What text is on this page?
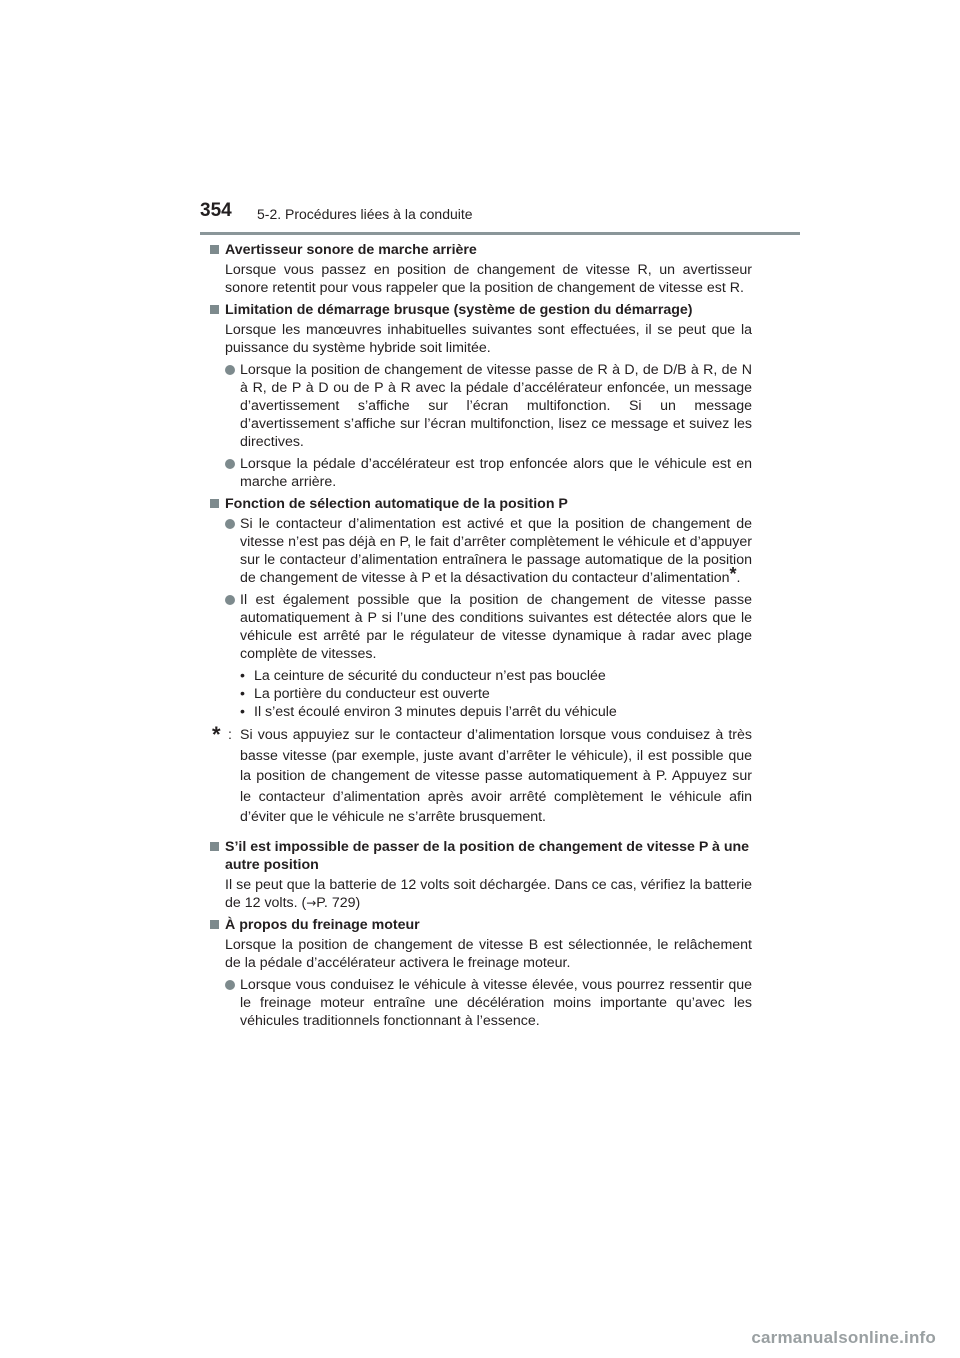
354 5-2. Procédures liées à la conduite
Avertisseur sonore de marche arrière
Lorsque vous passez en position de changement de vitesse R, un avertisseur sonore retentit pour vous rappeler que la position de changement de vitesse est R.
Limitation de démarrage brusque (système de gestion du démarrage)
Lorsque les manœuvres inhabituelles suivantes sont effectuées, il se peut que la puissance du système hybride soit limitée.
Lorsque la position de changement de vitesse passe de R à D, de D/B à R, de N à R, de P à D ou de P à R avec la pédale d’accélérateur enfoncée, un message d’avertissement s’affiche sur l’écran multifonction. Si un message d’avertissement s’affiche sur l’écran multifonction, lisez ce message et suivez les directives.
Lorsque la pédale d’accélérateur est trop enfoncée alors que le véhicule est en marche arrière.
Fonction de sélection automatique de la position P
Si le contacteur d’alimentation est activé et que la position de changement de vitesse n’est pas déjà en P, le fait d’arrêter complètement le véhicule et d’appuyer sur le contacteur d’alimentation entraînera le passage automatique de la position de changement de vitesse à P et la désactivation du contacteur d’alimentation*.
Il est également possible que la position de changement de vitesse passe automatiquement à P si l’une des conditions suivantes est détectée alors que le véhicule est arrêté par le régulateur de vitesse dynamique à radar avec plage complète de vitesses.
• La ceinture de sécurité du conducteur n’est pas bouclée
• La portière du conducteur est ouverte
• Il s’est écoulé environ 3 minutes depuis l’arrêt du véhicule
* : Si vous appuyiez sur le contacteur d’alimentation lorsque vous conduisez à très basse vitesse (par exemple, juste avant d’arrêter le véhicule), il est possible que la position de changement de vitesse passe automatiquement à P. Appuyez sur le contacteur d’alimentation après avoir arrêté complètement le véhicule afin d’éviter que le véhicule ne s’arrête brusquement.
S’il est impossible de passer de la position de changement de vitesse P à une autre position
Il se peut que la batterie de 12 volts soit déchargée. Dans ce cas, vérifiez la batterie de 12 volts. (→P. 729)
À propos du freinage moteur
Lorsque la position de changement de vitesse B est sélectionnée, le relâchement de la pédale d’accélérateur activera le freinage moteur.
Lorsque vous conduisez le véhicule à vitesse élevée, vous pourrez ressentir que le freinage moteur entraîne une décélération moins importante qu’avec les véhicules traditionnels fonctionnant à l’essence.
carmanualsonline.info
